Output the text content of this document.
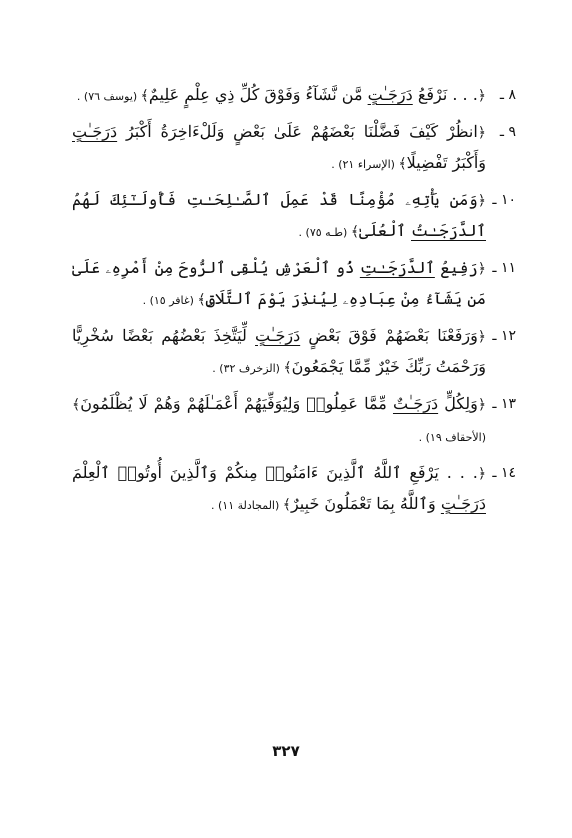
٨ ـ
﴿. . . نَرْفَعُ دَرَجَـٰتٍ مَّن نَّشَآءُ وَفَوْقَ كُلِّ ذِي عِلْمٍ عَلِيمٌ﴾ (يوسف ٧٦) .
٩ ـ
﴿انظُرْ كَيْفَ فَضَّلْنَا بَعْضَهُمْ عَلَىٰ بَعْضٍ وَلَلْءَاخِرَةُ أَكْبَرُ دَرَجَـٰتٍ وَأَكْبَرُ تَفْضِيلًا﴾ (الإسراء ٢١) .
١٠ ـ
﴿وَمَن يَأْتِهِۦ مُؤْمِنًا قَدْ عَمِلَ ٱلصَّـٰلِحَـٰتِ فَأُولَـٰٓئِكَ لَهُمُ ٱلدَّرَجَـٰتُ ٱلْعُلَىٰ﴾ (طـه ٧٥) .
١١ ـ
﴿رَفِيعُ ٱلدَّرَجَـٰتِ ذُو ٱلْعَرْشِ يُلْقِى ٱلرُّوحَ مِنْ أَمْرِهِۦ عَلَىٰ مَن يَشَآءُ مِنْ عِبَادِهِۦ لِيُنذِرَ يَوْمَ ٱلتَّلَاقِ﴾ (غافر ١٥) .
١٢ ـ
﴿وَرَفَعْنَا بَعْضَهُمْ فَوْقَ بَعْضٍ دَرَجَـٰتٍ لِّيَتَّخِذَ بَعْضُهُم بَعْضًا سُخْرِيًّا وَرَحْمَتُ رَبِّكَ خَيْرٌ مِّمَّا يَجْمَعُونَ﴾ (الزخرف ٣٢) .
١٣ ـ
﴿وَلِكُلٍّ دَرَجَـٰتٌ مِّمَّا عَمِلُوا۟ وَلِيُوَفِّيَهُمْ أَعْمَـٰلَهُمْ وَهُمْ لَا يُظْلَمُونَ﴾ (الأحقاف ١٩) .
١٤ ـ
﴿. . . يَرْفَعِ ٱللَّهُ ٱلَّذِينَ ءَامَنُوا۟ مِنكُمْ وَٱلَّذِينَ أُوتُوا۟ ٱلْعِلْمَ دَرَجَـٰتٍ وَٱللَّهُ بِمَا تَعْمَلُونَ خَبِيرٌ﴾ (المجادلة ١١) .
٣٢٧
